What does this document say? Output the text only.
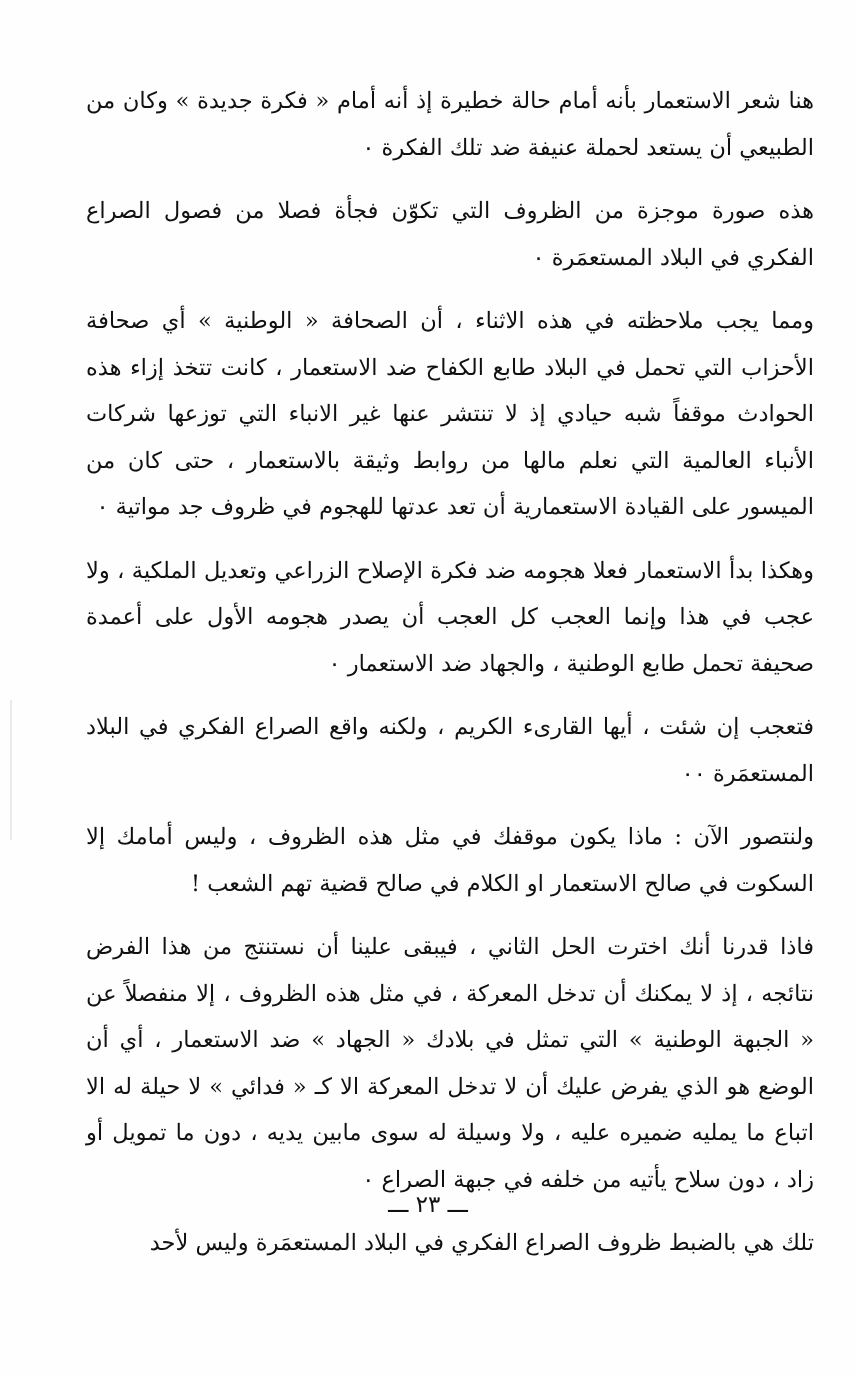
هنا شعر الاستعمار بأنه أمام حالة خطيرة إذ أنه أمام « فكرة جديدة » وكان من الطبيعي أن يستعد لحملة عنيفة ضد تلك الفكرة ٠

هذه صورة موجزة من الظروف التي تكوّن فجأة فصلا من فصول الصراع الفكري في البلاد المستعمَرة ٠

ومما يجب ملاحظته في هذه الاثناء ، أن الصحافة « الوطنية » أي صحافة الأحزاب التي تحمل في البلاد طابع الكفاح ضد الاستعمار ، كانت تتخذ إزاء هذه الحوادث موقفاً شبه حيادي إذ لا تنتشر عنها غير الانباء التي توزعها شركات الأنباء العالمية التي نعلم مالها من روابط وثيقة بالاستعمار ، حتى كان من الميسور على القيادة الاستعمارية أن تعد عدتها للهجوم في ظروف جد مواتية ٠

وهكذا بدأ الاستعمار فعلا هجومه ضد فكرة الإصلاح الزراعي وتعديل الملكية ، ولا عجب في هذا وإنما العجب كل العجب أن يصدر هجومه الأول على أعمدة صحيفة تحمل طابع الوطنية ، والجهاد ضد الاستعمار ٠

فتعجب إن شئت ، أيها القارىء الكريم ، ولكنه واقع الصراع الفكري في البلاد المستعمَرة ٠٠

ولنتصور الآن : ماذا يكون موقفك في مثل هذه الظروف ، وليس أمامك إلا السكوت في صالح الاستعمار او الكلام في صالح قضية تهم الشعب !

فاذا قدرنا أنك اخترت الحل الثاني ، فيبقى علينا أن نستنتج من هذا الفرض نتائجه ، إذ لا يمكنك أن تدخل المعركة ، في مثل هذه الظروف ، إلا منفصلاً عن « الجبهة الوطنية » التي تمثل في بلادك « الجهاد » ضد الاستعمار ، أي أن الوضع هو الذي يفرض عليك أن لا تدخل المعركة الا كـ « فدائي » لا حيلة له الا اتباع ما يمليه ضميره عليه ، ولا وسيلة له سوى مابين يديه ، دون ما تمويل أو زاد ، دون سلاح يأتيه من خلفه في جبهة الصراع ٠

تلك هي بالضبط ظروف الصراع الفكري في البلاد المستعمَرة وليس لأحد

ـــ ٢٣ ـــ
